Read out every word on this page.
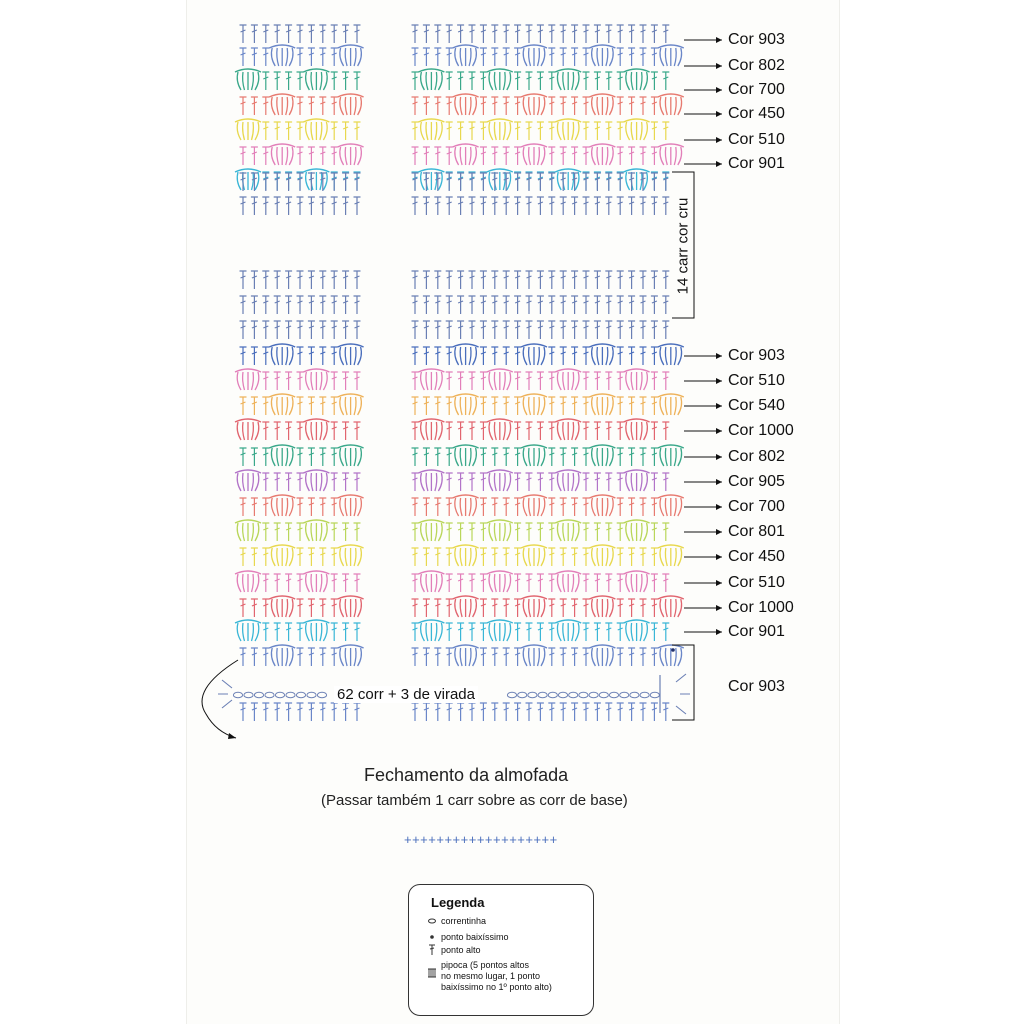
Cor 903
Cor 802
Cor 700
Cor 450
Cor 510
Cor 901
Cor 903
Cor 510
Cor 540
Cor 1000
Cor 802
Cor 905
Cor 700
Cor 801
Cor 450
Cor 510
Cor 1000
Cor 901
Cor 903
14 carr cor cru
62 corr + 3 de virada
Fechamento da almofada
(Passar também 1 carr sobre as corr de base)
+++++++++++++++++++
Legenda
correntinha
ponto baixíssimo
ponto alto
pipoca (5 pontos altos
no mesmo lugar, 1 ponto
baixíssimo no 1º ponto alto)
